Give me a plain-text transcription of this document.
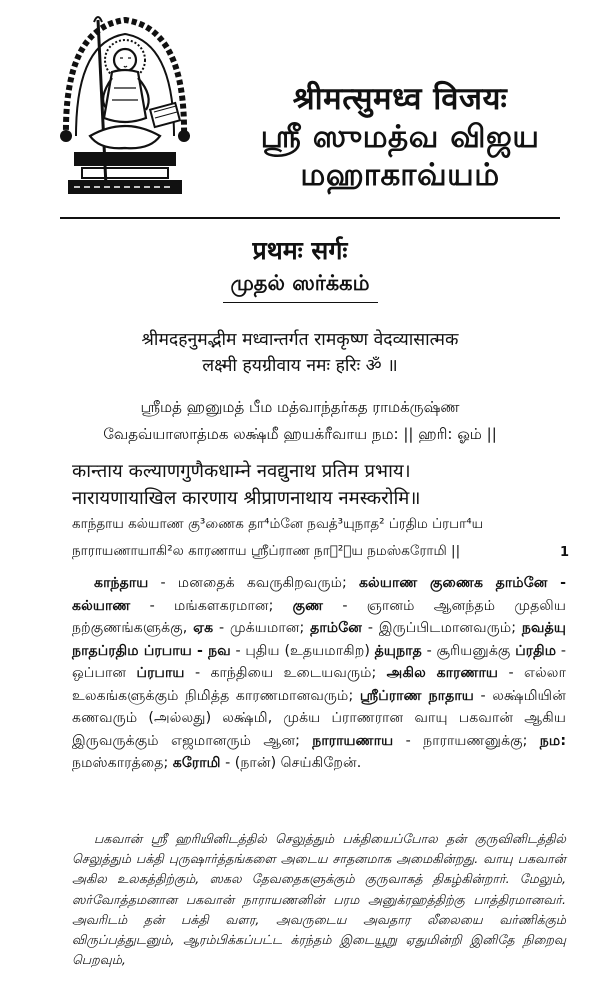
श्रीमत्सुमध्व विजयः
ஸ்ரீ ஸுமத்வ விஜய
மஹாகாவ்யம்
प्रथमः सर्गः
முதல் ஸர்க்கம்
श्रीमदहनुमद्भीम मध्वान्तर्गत रामकृष्ण वेदव्यासात्मक
लक्ष्मी हयग्रीवाय नमः हरिः ॐ ॥
ஸ்ரீமத் ஹனுமத் பீம மத்வாந்தர்கத ராமக்ருஷ்ண
வேதவ்யாஸாத்மக லக்ஷ்மீ ஹயக்ரீவாய நம: || ஹரி: ஓம் ||
कान्ताय कल्याणगुणैकधाम्ने नवद्युनाथ प्रतिम प्रभाय।
नारायणायाखिल कारणाय श्रीप्राणनाथाय नमस्करोमि॥
காந்தாய கல்யாண கு³ணைக தா⁴ம்னே நவத்³யுநாத² ப்ரதிம ப்ரபா⁴ய
நாராயணாயாகி²ல காரணாய ஸ்ரீப்ராண நாத²ாய நமஸ்கரோமி ||	1
காந்தாய - மனதைக் கவருகிறவரும்; கல்யாண குணைக தாம்னே - கல்யாண - மங்களகரமான; குண - ஞானம் ஆனந்தம் முதலிய நற்குணங்களுக்கு, ஏக - முக்யமான; தாம்னே - இருப்பிடமானவரும்; நவத்யு நாதப்ரதிம ப்ரபாய - நவ - புதிய (உதயமாகிற) த்யுநாத - சூரியனுக்கு ப்ரதிம - ஒப்பான ப்ரபாய - காந்தியை உடையவரும்; அகில காரணாய - எல்லா உலகங்களுக்கும் நிமித்த காரணமானவரும்; ஸ்ரீப்ராண நாதாய - லக்ஷ்மியின் கணவரும் (அல்லது) லக்ஷ்மி, முக்ய ப்ராணரான வாயு பகவான் ஆகிய இருவருக்கும் எஜமானரும் ஆன; நாராயணாய - நாராயணனுக்கு; நம: நமஸ்காரத்தை; கரோமி - (நான்) செய்கிறேன்.
பகவான் ஸ்ரீ ஹரியினிடத்தில் செலுத்தும் பக்தியைப்போல தன் குருவினிடத்தில் செலுத்தும் பக்தி புருஷார்த்தங்களை அடைய சாதனமாக அமைகின்றது. வாயு பகவான் அகில உலகத்திற்கும், ஸகல தேவதைகளுக்கும் குருவாகத் திகழ்கின்றார். மேலும், ஸர்வோத்தமனான பகவான் நாராயணனின் பரம அனுக்ரஹத்திற்கு பாத்திரமானவர். அவரிடம் தன் பக்தி வளர, அவருடைய அவதார லீலையை வர்ணிக்கும் விருப்பத்துடனும், ஆரம்பிக்கப்பட்ட க்ரந்தம் இடையூறு ஏதுமின்றி இனிதே நிறைவு பெறவும்,
